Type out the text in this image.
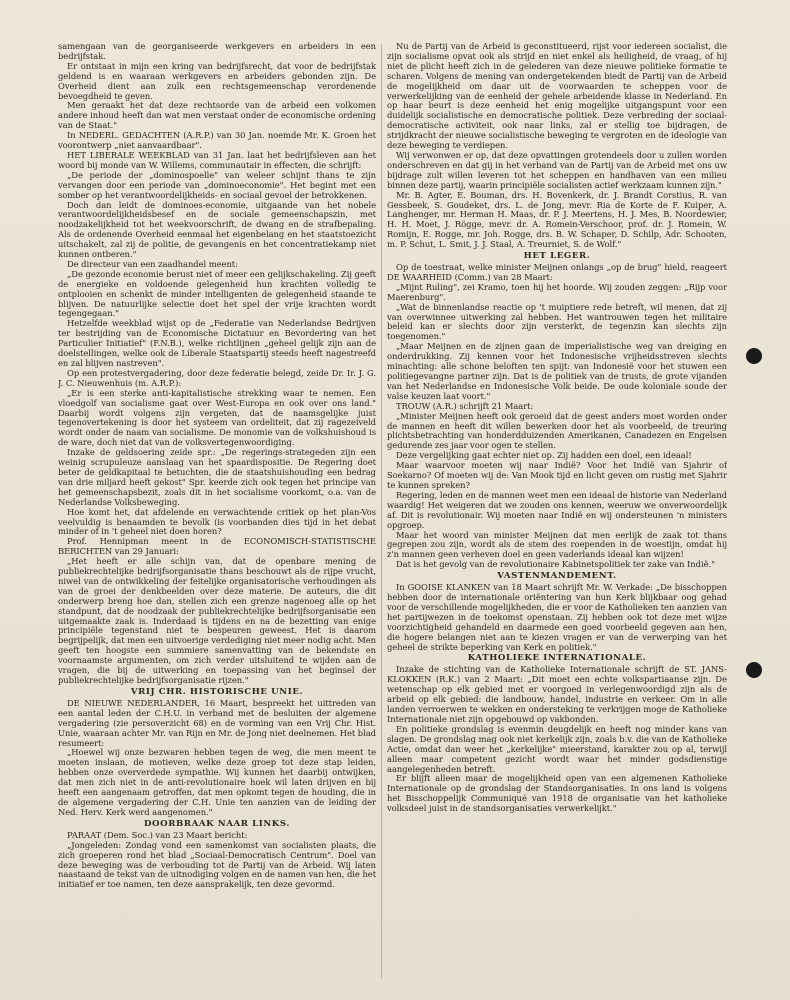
samengaan van de georganiseerde werkgevers en arbeiders in een bedrijfstak.
Er ontstaat in mijn een kring van bedrijfsrecht, dat voor de bedrijfstak geldend is en waaraan werkgevers en arbeiders gebonden zijn. De Overheid dient aan zulk een rechtsgemeenschap verordenende bevoegdheid te geven.
Men geraakt het dat deze rechtsorde van de arbeid een volkomen andere inhoud heeft dan wat men verstaat onder de economische ordening van de Staat."
In NEDERL. GEDACHTEN (A.R.P.) van 30 Jan. noemde Mr. K. Groen het voorontwerp „niet aanvaardbaar".
HET LIBERALE WEEKBLAD van 31 Jan. laat het bedrijfsleven aan het woord bij monde van W. Willems, communautair in effecten, die schrijft:
„De periode der „dominospoelle" van weleer schijnt thans te zijn vervangen door een periode van „dominoeconomie". Het begint met een somber op het verantwoordelijkheids- en sociaal gevoel der betrokkenen.
Doch dan leidt de dominoes-economie, uitgaande van het nobele verantwoordelijkheidsbesef en de sociale gemeenschapszin, met noodzakelijkheid tot het weekvoorschrift, de dwang en de strafbepaling. Als de ordenende Overheid eenmaal het eigenbelang en het staatstoezicht uitschakelt, zal zij de politie, de gevangenis en het concentratiekamp niet kunnen ontberen."
De directeur van een zaadhandel meent:
„De gezonde economie berust niet of meer een gelijkschakeling. Zij geeft de energieke en voldoende gelegenheid hun krachten volledig te ontplooien en schenkt de minder intelligenten de gelegenheid staande te blijven. De natuurlijke selectie doet het spel der vrije krachten wordt tegengegaan."
Hetzelfde weekblad wijst op de „Federatie van Nederlandse Bedrijven ter bestrijding van de Economische Dictatuur en Bevordering van het Particulier Initiatief" (F.N.B.), welke richtlijnen „geheel gelijk zijn aan de doelstellingen, welke ook de Liberale Staatspartij steeds heeft nagestreefd en zal blijven nastreven".
Op een protestvergadering, door deze federatie belegd, zeide Dr. Ir. J. G. J. C. Nieuwenhuis (m. A.R.P.):
„Er is een sterke anti-kapitalistische strekking waar te nemen. Een vloedgolf van socialisme gaat over West-Europa en ook over ons land." Daarbij wordt volgens zijn vergeten, dat de naamsgelijke juist tegenovertekening is door het systeem van ordeliteit, dat zij ragezeiveld wordt onder de naam van socialisme. De monomie van de volkshuishoud is de ware, doch niet dat van de volksvertegenwoordiging.
Inzake de geldsoering zeide spr.: „De regerings-strategeden zijn een weinig scrupuleuze aanslaag van het spaardispositie. De Regering doet beter de geldkapitaal te betuchten, die de staatshuishouding een bedrag van drie miljard heeft gekost" Spr. keerde zich ook tegen het principe van het gemeenschapsbezit, zoals dit in het socialisme voorkomt, o.a. van de Nederlandse Volksbeweging.
Hoe komt het, dat afdelende en verwachtende critiek op het plan-Vos veelvuldig is benaamden te bevolk (is voorbanden dies tijd in het debat minder of in 't geheel niet doen horen?
Prof. Hennipman meent in de ECONOMISCH-STATISTISCHE BERICHTEN van 29 Januari:
„Het heeft er alle schijn van, dat de openbare mening de publiekrechtelijke bedrijfsorganisatie thans beschouwt als de rijpe vrucht, niwel van de ontwikkeling der feitelijke organisatorische verhoudingen als van de groei der denkbeelden over deze materie. De auteurs, die dit onderwerp breng hoe dan, stellen zich een grenze nagenoeg alle op het standpunt, dat de noodzaak der publiekrechtelijke bedrijfsorganisatie een uitgemaakte zaak is. Inderdaad is tijdens en na de bezetting van enige principiële tegenstand niet te bespeuren geweest. Het is daarom begrijpelijk, dat men een uitvoerige verdediging niet meer nodig acht. Men geeft ten hoogste een summiere samenvatting van de bekendste en voornaamste argumenten, om zich verder uitsluitend te wijden aan de vragen, die bij de uitwerking en toepassing van het beginsel der publiekrechtelijke bedrijfsorganisatie rijzen."
VRIJ CHR. HISTORISCHE UNIE.
DE NIEUWE NEDERLANDER, 16 Maart, bespreekt het uittreden van een aantal leden der C.H.U. in verband met de besluiten der algemene vergadering (zie persoverzicht 68) en de vorming van een Vrij Chr. Hist. Unie, waaraan achter Mr. van Rijn en Mr. de Jong niet deelnemen. Het blad resumeert:
„Hoewel wij onze bezwaren hebben tegen de weg, die men meent te moeten inslaan, de motieven, welke deze groep tot deze stap leiden, hebben onze oververdede sympathie. Wij kunnen het daarbij ontwijken, dat men zich niet in de anti-revolutionaire hoek wil laten drijven en bij heeft een aangenaam getroffen, dat men opkomt tegen de houding, die in de algemene vergadering der C.H. Unie ten aanzien van de leiding der Ned. Herv. Kerk werd aangenomen."
DOORBRAAK NAAR LINKS.
PARAAT (Dem. Soc.) van 23 Maart bericht:
„Jongeleden: Zondag vond een samenkomst van socialisten plaats, die zich groeperen rond het blad „Sociaal-Democratisch Centrum". Doel van deze beweging was de verbouding tot de Partij van de Arbeid. Wij laten naastaand de tekst van de uitnodiging volgen en de namen van hen, die het initiatief er toe namen, ten deze aansprakelijk, ten deze gevormd.
Nu de Partij van de Arbeid is geconstitueerd, rijst voor iedereen socialist, die zijn socialisme opvat ook als strijd en niet enkel als heiligheid, de vraag, of hij niet de plicht heeft zich in de gelederen van deze nieuwe politieke formatie te scharen. Volgens de mening van ondergetekenden biedt de Partij van de Arbeid de mogelijkheid om daar uit de voorwaarden te scheppen voor de verwerkelijking van de eenheid der gehele arbeidende klasse in Nederland. En op haar beurt is deze eenheid het enig mogelijke uitgangspunt voor een duidelijk socialistische en democratische politiek. Deze verbreding der sociaal-democratische activiteit, ook naar links, zal er stellig toe bijdragen, de strijdkracht der nieuwe socialistische beweging te vergroten en de ideologie van deze beweging te verdiepen.
Wij verwonwen er op, dat deze opvattingen grotendeels door u zullen worden onderschreven en dat gij in het verband van de Partij van de Arbeid met ons uw bijdrage zult willen leveren tot het scheppen en handhaven van een milieu binnen deze partij, waarin principiële socialisten actief werkzaam kunnen zijn."
Mr. B. Agter, E. Bouman, drs. H. Bovenkerk, dr. J. Brandt Corstius, R. van Gessbeek, S. Goudeket, drs. L. de Jong, mevr. Ria de Korte de F. Kuiper, A. Langhenger, mr. Herman H. Maas, dr. P. J. Meertens, H. J. Mes, B. Noordewier, H. H. Moet, J. Rögge, mevr. dr. A. Romein-Verschoor, prof. dr. J. Romein, W. Romijn, E. Rogge, mr. Joh. Rogge, drs. B. W. Schaper, D. Schilp, Adr. Schooten, m. P. Schut, L. Smit, J. J. Staal, A. Treurniet, S. de Wolf."
HET LEGER.
Op de toestraat, welke minister Meijnen onlangs „op de brug" hield, reageert DE WAARHEID (Comm.) van 28 Maart:
„Mijnt Ruling", zei Kramo, toen hij het hoorde. Wij zouden zeggen: „Rijp voor Maerenburg".
„Wat de binnenlandse reactie op 't muiptiere rede betreft, wil menen, dat zij van overwinnee uitwerking zal hebben. Het wantrouwen tegen het militaire beleid kan er slechts door zijn versterkt, de tegenzin kan slechts zijn toegenomen."
„Maar Meijnen en de zijnen gaan de imperialistische weg van dreiging en onderdrukking. Zij kennen voor het Indonesische vrijheidsstreven slechts minachting: alle schone beloften ten spijt: van Indonesië voor het stuwen een politiegevangne partner zijn. Dat is de politiek van de trusts, de grote vijanden van het Nederlandse en Indonesische Volk beide. De oude koloniale soude der valse keuzen laat voort."
TROUW (A.R.) schrijft 21 Maart:
„Minister Meijnen heeft ook geroeid dat de geest anders moet worden onder de mannen en heeft dit willen bewerken door het als voorbeeld, de treuring plichtsbetrachting van honderdduizenden Amerikanen, Canadezen en Engelsen gedurende zes jaar voor ogen te stellen.
Deze vergelijking gaat echter niet op. Zij hadden een doel, een ideaal!
Maar waarvoor moeten wij naar Indië? Voor het Indië van Sjahrir of Soekarno? Of moeten wij de: Van Mook tijd en licht geven om rustig met Sjahrir te kunnen spreken?
Regering, leden en de mannen weet men een ideaal de historie van Nederland waardig! Het weigeren dat we zouden ons kennen, weeruw we onverwoordelijk af. Dit is revolutionair. Wij moeten naar Indië en wij ondersteunen 'n ministers opgroep.
Maar het woord van minister Meijnen dat men eerlijk de zaak tot thans gegrepen zou zijn, wordt als de stem des roependen in de woestijn, omdat hij z'n mannen geen verheven doel en geen vaderlands ideaal kan wijzen!
Dat is het gevolg van de revolutionaire Kabinetspolitiek ter zake van Indië."
VASTENMANDEMENT.
In GOOISE KLANKEN van 18 Maart schrijft Mr. W. Verkade: „De bisschoppen hebben door de internationale oriëntering van hun Kerk blijkbaar oog gehad voor de verschillende mogelijkheden, die er voor de Katholieken ten aanzien van het partijwezen in de toekomst openstaan. Zij hebben ook tot deze met wijze voorzichtigheid gehandeld en daarmede een goed voorbeeld gegeven aan hen, die hogere belangen niet aan te kiezen vragen er van de verwerping van het geheel de strikte beperking van Kerk en politiek."
KATHOLIEKE INTERNATIONALE.
Inzake de stichting van de Katholieke Internationale schrijft de ST. JANS-KLOKKEN (R.K.) van 2 Maart: „Dit moet een echte volkspartiaanse zijn. De wetenschap op elk gebied met er voorgoed in verlegenwoordigd zijn als de arbeid op elk gebied: die landbouw, handel, industrie en verkeer. Om in alle landen verroerwen te wekken en ondersteking te verkrijgen moge de Katholieke Internationale niet zijn opgebouwd op vakbonden.
En politieke grondslag is evenmin deugdelijk en heeft nog minder kans van slagen. De grondslag mag ook niet kerkelijk zijn, zoals b.v. die van de Katholieke Actie, omdat dan weer het „kerkelijke" mieerstand, karakter zou op al, terwijl alleen maar competent gezicht wordt waar het minder godsdienstige aangelegenheden betreft.
Er blijft alleen maar de mogelijkheid open van een algemenen Katholieke Internationale op de grondslag der Standsorganisaties. In ons land is volgens het Bisschoppelijk Communiqué van 1918 de organisatie van het katholieke volksdeel juist in de standsorganisaties verwerkelijkt."
